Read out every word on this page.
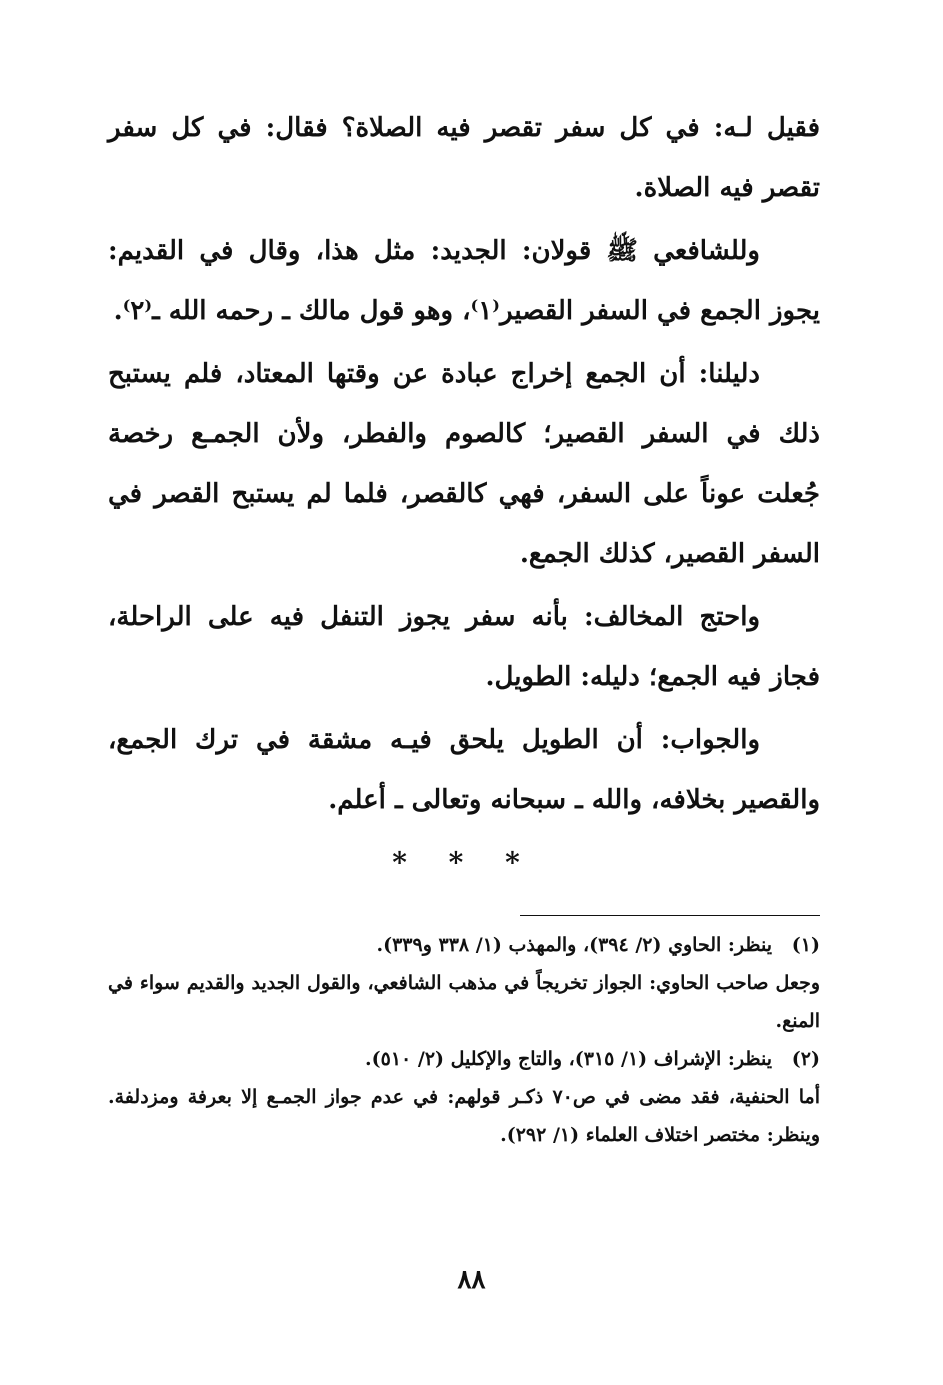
فقيل لـه: في كل سفر تقصر فيه الصلاة؟ فقال: في كل سفر تقصر فيه الصلاة.

وللشافعي ﷺ قولان: الجديد: مثل هذا، وقال في القديم: يجوز الجمع في السفر القصير⁽١⁾، وهو قول مالك ـ رحمه الله ـ⁽٢⁾.

دليلنا: أن الجمع إخراج عبادة عن وقتها المعتاد، فلم يستبح ذلك في السفر القصير؛ كالصوم والفطر، ولأن الجمـع رخصة جُعلت عوناً على السفر، فهي كالقصر، فلما لم يستبح القصر في السفر القصير، كذلك الجمع.

واحتج المخالف: بأنه سفر يجوز التنفل فيه على الراحلة، فجاز فيه الجمع؛ دليله: الطويل.

والجواب: أن الطويل يلحق فيـه مشقة في ترك الجمع، والقصير بخلافه، والله ـ سبحانه وتعالى ـ أعلم.

* * *

(١)ينظر: الحاوي (٢/ ٣٩٤)، والمهذب (١/ ٣٣٨ و٣٣٩).

وجعل صاحب الحاوي: الجواز تخريجاً في مذهب الشافعي، والقول الجديد والقديم سواء في المنع.

(٢)ينظر: الإشراف (١/ ٣١٥)، والتاج والإكليل (٢/ ٥١٠).

أما الحنفية، فقد مضى في ص٧٠ ذكـر قولهم: في عدم جواز الجمـع إلا بعرفة ومزدلفة. وينظر: مختصر اختلاف العلماء (١/ ٢٩٢).

٨٨
